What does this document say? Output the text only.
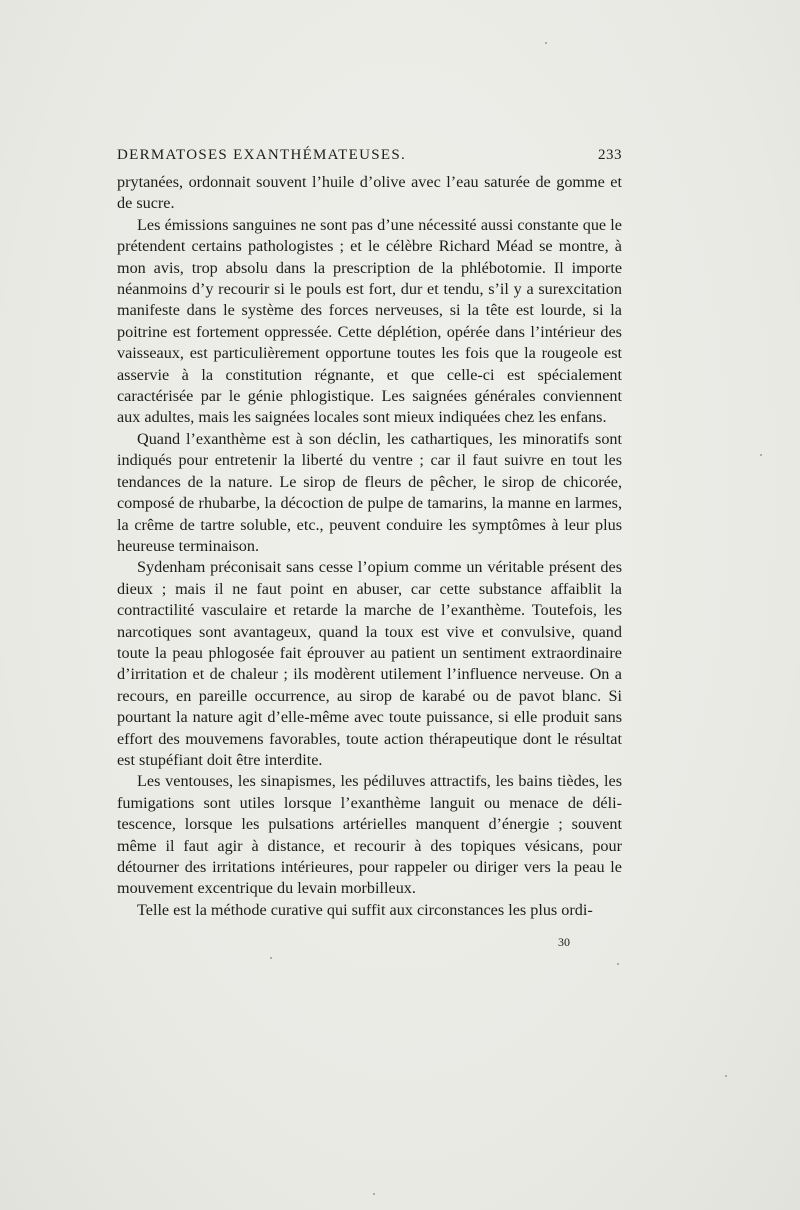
DERMATOSES EXANTHÉMATEUSES.	233

prytanées, ordonnait souvent l’huile d’olive avec l’eau saturée de gomme et de sucre.

Les émissions sanguines ne sont pas d’une nécessité aussi constante que le prétendent certains pathologistes ; et le célèbre Richard Méad se montre, à mon avis, trop absolu dans la prescription de la phlébotomie. Il importe néanmoins d’y recourir si le pouls est fort, dur et tendu, s’il y a surexcitation manifeste dans le système des forces nerveuses, si la tête est lourde, si la poitrine est fortement oppressée. Cette déplétion, opérée dans l’intérieur des vaisseaux, est particulièrement opportune toutes les fois que la rougeole est asservie à la constitution régnante, et que celle-ci est spécialement caractérisée par le génie phlogistique. Les saignées générales conviennent aux adultes, mais les saignées locales sont mieux indiquées chez les enfans.

Quand l’exanthème est à son déclin, les cathartiques, les minoratifs sont indiqués pour entretenir la liberté du ventre ; car il faut suivre en tout les tendances de la nature. Le sirop de fleurs de pêcher, le sirop de chicorée, composé de rhubarbe, la décoction de pulpe de tamarins, la manne en larmes, la crême de tartre soluble, etc., peuvent conduire les symptômes à leur plus heureuse terminaison.

Sydenham préconisait sans cesse l’opium comme un véritable présent des dieux ; mais il ne faut point en abuser, car cette substance affaiblit la contractilité vasculaire et retarde la marche de l’exanthème. Toutefois, les narcotiques sont avantageux, quand la toux est vive et convulsive, quand toute la peau phlogosée fait éprouver au patient un sentiment extraordinaire d’irritation et de chaleur ; ils modèrent utilement l’influence nerveuse. On a recours, en pareille occurrence, au sirop de karabé ou de pavot blanc. Si pourtant la nature agit d’elle-même avec toute puissance, si elle produit sans effort des mouvemens favorables, toute action thérapeutique dont le résultat est stupéfiant doit être interdite.

Les ventouses, les sinapismes, les pédiluves attractifs, les bains tièdes, les fumigations sont utiles lorsque l’exanthème languit ou menace de délitescence, lorsque les pulsations artérielles manquent d’énergie ; souvent même il faut agir à distance, et recourir à des topiques vésicans, pour détourner des irritations intérieures, pour rappeler ou diriger vers la peau le mouvement excentrique du levain morbilleux.

Telle est la méthode curative qui suffit aux circonstances les plus ordi-

30
